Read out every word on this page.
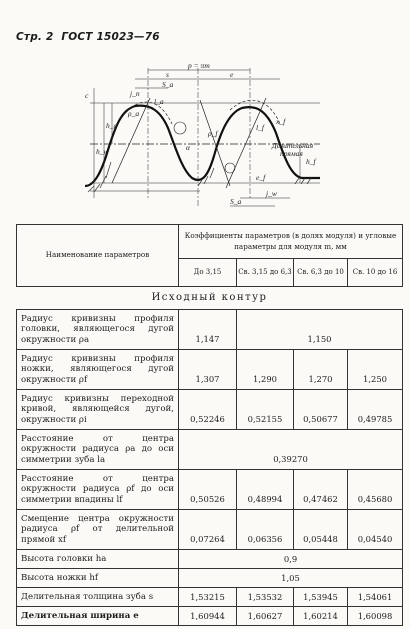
Стр. 2 ГОСТ 15023—76
p = πm
s	e
S_a
j_n
h_a
h_w
h_f
c
ρ_a
ρ_f
α
l_a
l_f
x_f
S_a
e_f
j_w
Делительная
прямая
Наименование параметров	Коэффициенты параметров (в долях модуля) и угловые параметры для модуля m, мм			
	До 3,15	Св. 3,15 до 6,3	Св. 6,3 до 10	Св. 10 до 16
Исходный контур				
Радиус кривизны профиля головки, являющегося дугой окружности ρа	1,147	1,150		
Радиус кривизны профиля ножки, являющегося дугой окружности ρf	1,307	1,290	1,270	1,250
Радиус кривизны переходной кривой, являющейся дугой, окружности ρi	0,52246	0,52155	0,50677	0,49785
Расстояние от центра окружности радиуса ρа до оси симметрии зуба la	0,39270			
Расстояние от центра окружности радиуса ρf до оси симметрии впадины lf	0,50526	0,48994	0,47462	0,45680
Смещение центра окружности радиуса ρf от делительной прямой xf	0,07264	0,06356	0,05448	0,04540
Высота головки ha	0,9			
Высота ножки hf	1,05			
Делительная толщина зуба s	1,53215	1,53532	1,53945	1,54061
Делительная ширина e	1,60944	1,60627	1,60214	1,60098
